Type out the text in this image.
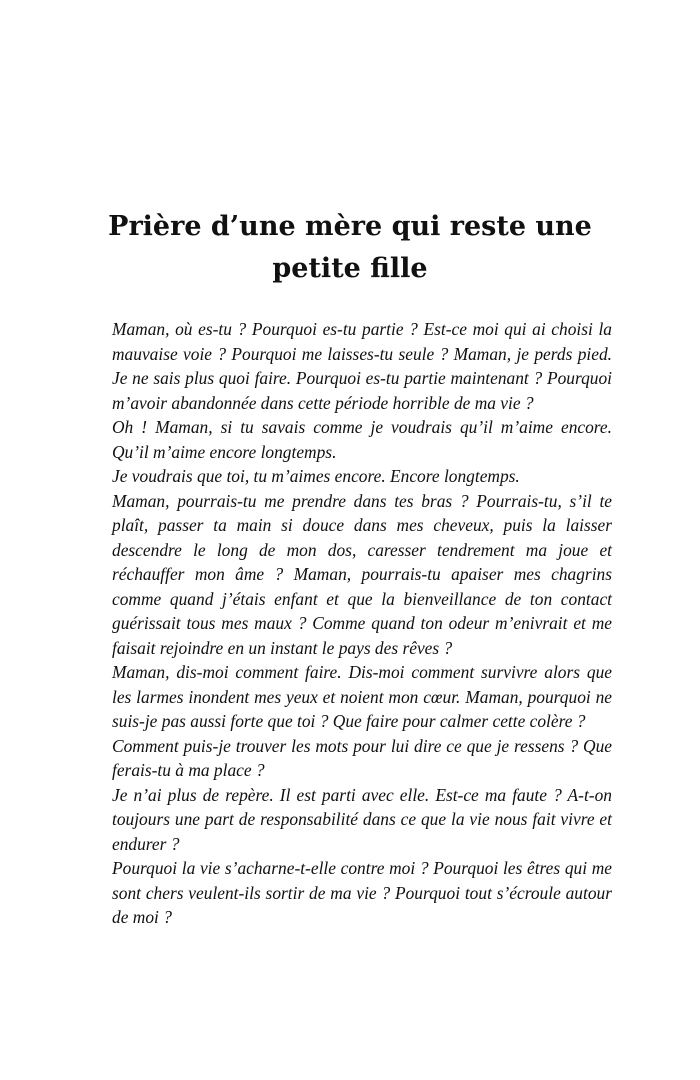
Prière d’une mère qui reste une petite fille

Maman, où es-tu ? Pourquoi es-tu partie ? Est-ce moi qui ai choisi la mauvaise voie ? Pourquoi me laisses-tu seule ? Maman, je perds pied. Je ne sais plus quoi faire. Pourquoi es-tu partie maintenant ? Pourquoi m’avoir abandonnée dans cette période horrible de ma vie ?

Oh ! Maman, si tu savais comme je voudrais qu’il m’aime encore. Qu’il m’aime encore longtemps.

Je voudrais que toi, tu m’aimes encore. Encore longtemps.

Maman, pourrais-tu me prendre dans tes bras ? Pourrais-tu, s’il te plaît, passer ta main si douce dans mes cheveux, puis la laisser descendre le long de mon dos, caresser tendrement ma joue et réchauffer mon âme ? Maman, pourrais-tu apaiser mes chagrins comme quand j’étais enfant et que la bienveillance de ton contact guérissait tous mes maux ? Comme quand ton odeur m’enivrait et me faisait rejoindre en un instant le pays des rêves ?

Maman, dis-moi comment faire. Dis-moi comment survivre alors que les larmes inondent mes yeux et noient mon cœur. Maman, pourquoi ne suis-je pas aussi forte que toi ? Que faire pour calmer cette colère ?

Comment puis-je trouver les mots pour lui dire ce que je ressens ? Que ferais-tu à ma place ?

Je n’ai plus de repère. Il est parti avec elle. Est-ce ma faute ? A-t-on toujours une part de responsabilité dans ce que la vie nous fait vivre et endurer ?

Pourquoi la vie s’acharne-t-elle contre moi ? Pourquoi les êtres qui me sont chers veulent-ils sortir de ma vie ? Pourquoi tout s’écroule autour de moi ?
